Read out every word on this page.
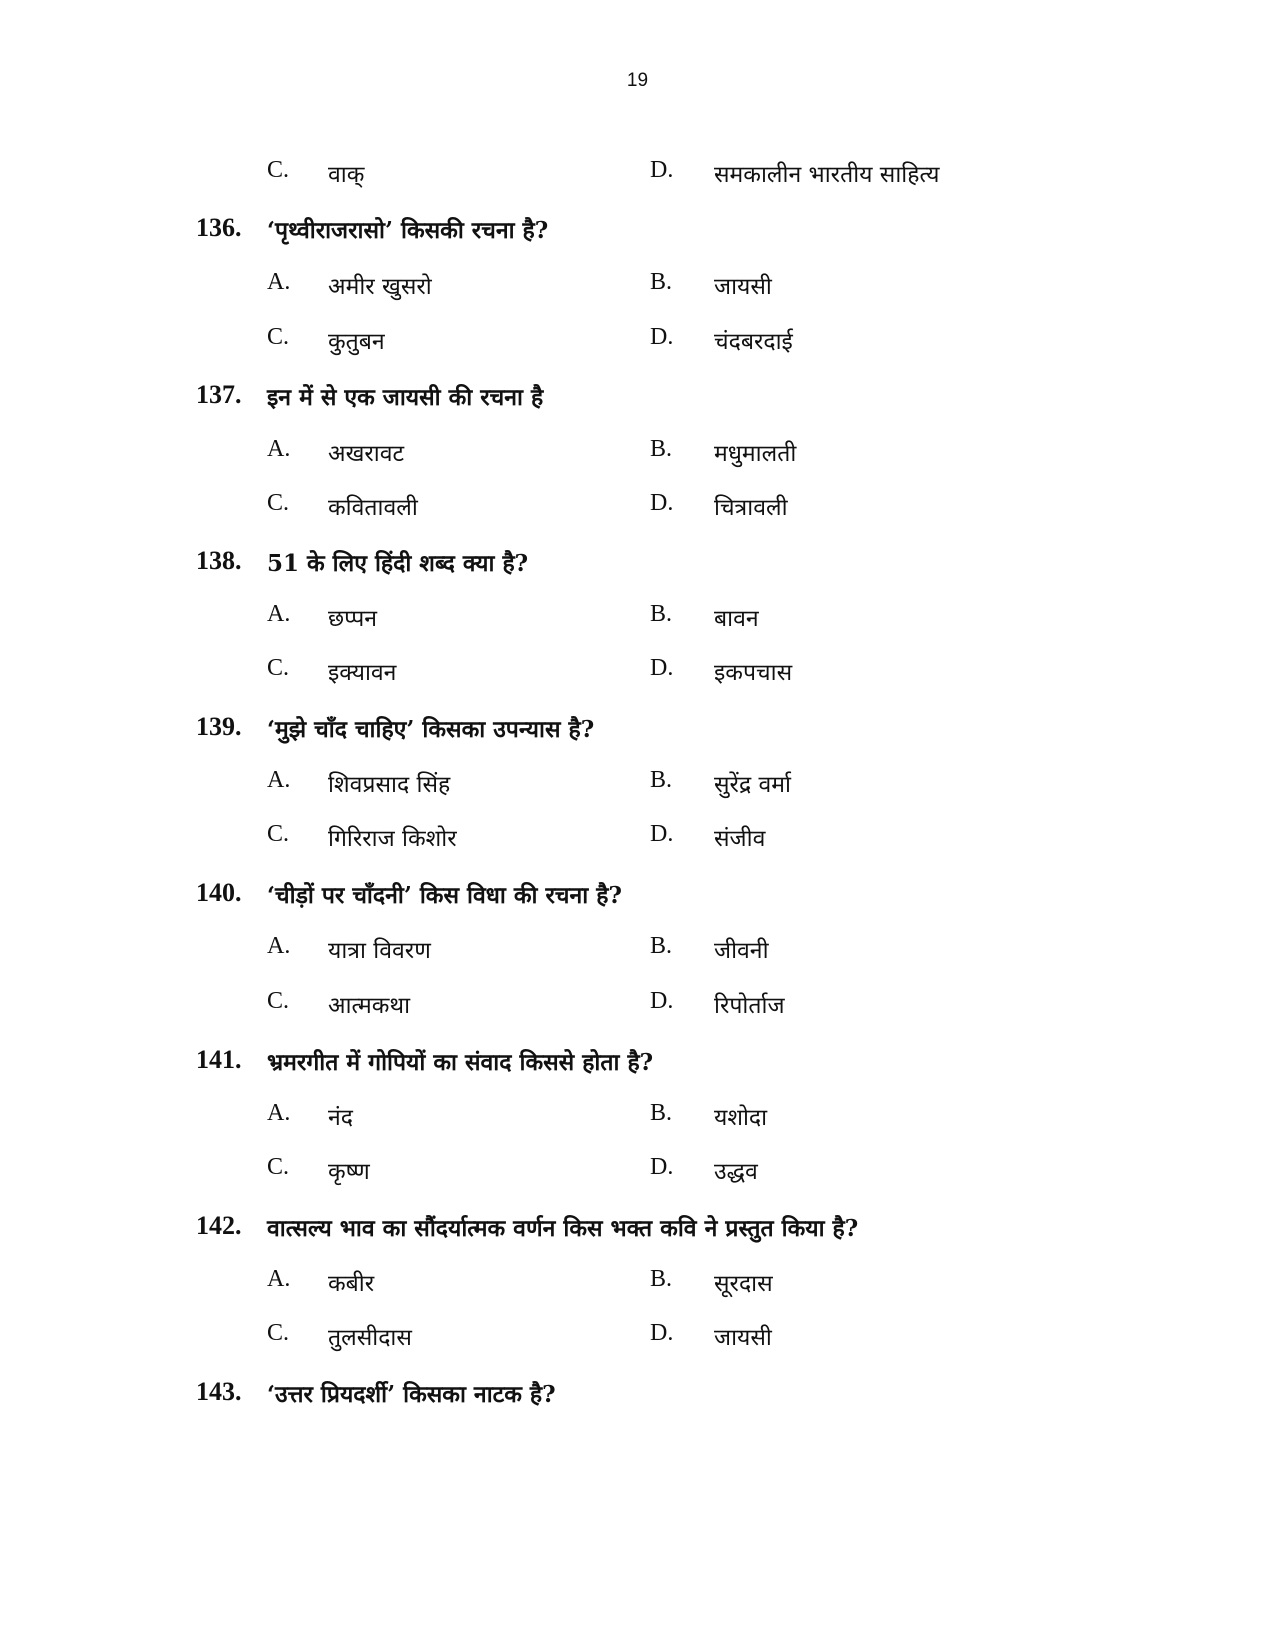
19
C. वाक्	D. समकालीन भारतीय साहित्य
136. ‘पृथ्वीराजरासो’ किसकी रचना है?
A. अमीर खुसरो	B. जायसी
C. कुतुबन	D. चंदबरदाई
137. इन में से एक जायसी की रचना है
A. अखरावट	B. मधुमालती
C. कवितावली	D. चित्रावली
138. 51 के लिए हिंदी शब्द क्या है?
A. छप्पन	B. बावन
C. इक्यावन	D. इकपचास
139. ‘मुझे चाँद चाहिए’ किसका उपन्यास है?
A. शिवप्रसाद सिंह	B. सुरेंद्र वर्मा
C. गिरिराज किशोर	D. संजीव
140. ‘चीड़ों पर चाँदनी’ किस विधा की रचना है?
A. यात्रा विवरण	B. जीवनी
C. आत्मकथा	D. रिपोर्ताज
141. भ्रमरगीत में गोपियों का संवाद किससे होता है?
A. नंद	B. यशोदा
C. कृष्ण	D. उद्धव
142. वात्सल्य भाव का सौंदर्यात्मक वर्णन किस भक्त कवि ने प्रस्तुत किया है?
A. कबीर	B. सूरदास
C. तुलसीदास	D. जायसी
143. ‘उत्तर प्रियदर्शी’ किसका नाटक है?
